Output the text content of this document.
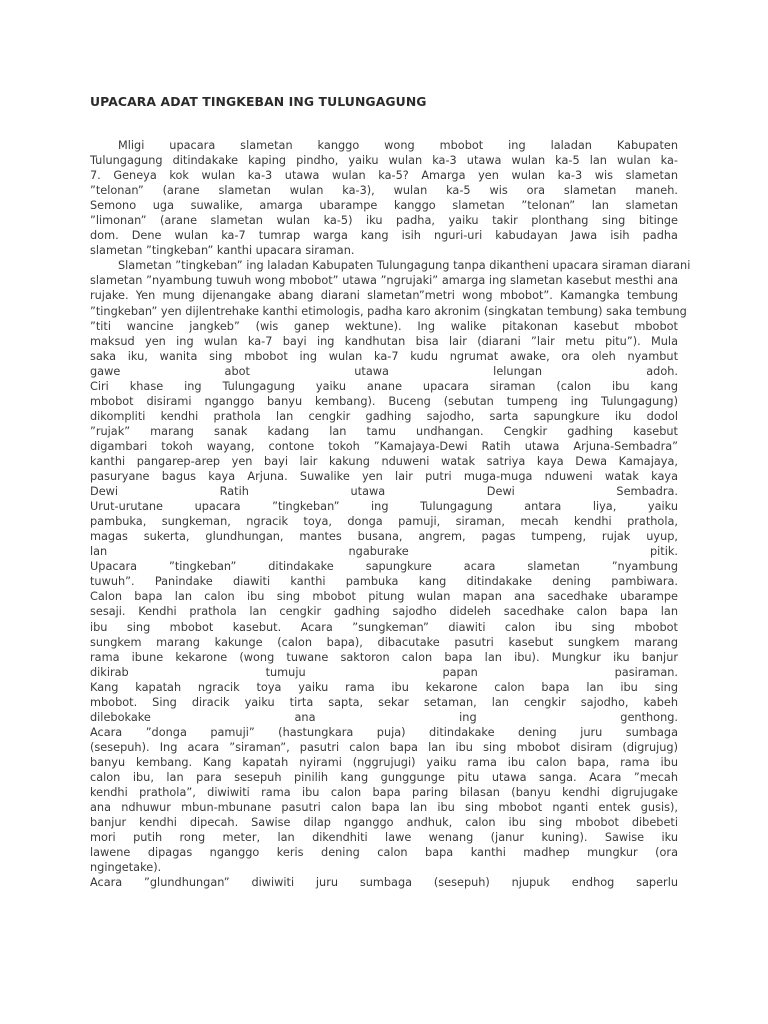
UPACARA ADAT TINGKEBAN ING TULUNGAGUNG
Mligi upacara slametan kanggo wong mbobot ing laladan Kabupaten
Tulungagung ditindakake kaping pindho, yaiku wulan ka-3 utawa wulan ka-5 lan wulan ka-
7. Geneya kok wulan ka-3 utawa wulan ka-5? Amarga yen wulan ka-3 wis slametan
”telonan” (arane slametan wulan ka-3), wulan ka-5 wis ora slametan maneh.
Semono uga suwalike, amarga ubarampe kanggo slametan ”telonan” lan slametan
”limonan” (arane slametan wulan ka-5) iku padha, yaiku takir plonthang sing bitinge
dom. Dene wulan ka-7 tumrap warga kang isih nguri-uri kabudayan Jawa isih padha
slametan ”tingkeban” kanthi upacara siraman.
Slametan ”tingkeban” ing laladan Kabupaten Tulungagung tanpa dikantheni upacara siraman diarani
slametan ”nyambung tuwuh wong mbobot” utawa ”ngrujaki” amarga ing slametan kasebut mesthi ana
rujake. Yen mung dijenangake abang diarani slametan”metri wong mbobot”. Kamangka tembung
”tingkeban” yen dijlentrehake kanthi etimologis, padha karo akronim (singkatan tembung) saka tembung
”titi wancine jangkeb” (wis ganep wektune). Ing walike pitakonan kasebut mbobot
maksud yen ing wulan ka-7 bayi ing kandhutan bisa lair (diarani ”lair metu pitu”). Mula
saka iku, wanita sing mbobot ing wulan ka-7 kudu ngrumat awake, ora oleh nyambut
gawe abot utawa lelungan adoh.
Ciri khase ing Tulungagung yaiku anane upacara siraman (calon ibu kang
mbobot disirami nganggo banyu kembang). Buceng (sebutan tumpeng ing Tulungagung)
dikompliti kendhi prathola lan cengkir gadhing sajodho, sarta sapungkure iku dodol
”rujak” marang sanak kadang lan tamu undhangan. Cengkir gadhing kasebut
digambari tokoh wayang, contone tokoh ”Kamajaya-Dewi Ratih utawa Arjuna-Sembadra”
kanthi pangarep-arep yen bayi lair kakung nduweni watak satriya kaya Dewa Kamajaya,
pasuryane bagus kaya Arjuna. Suwalike yen lair putri muga-muga nduweni watak kaya
Dewi Ratih utawa Dewi Sembadra.
Urut-urutane upacara ”tingkeban” ing Tulungagung antara liya, yaiku
pambuka, sungkeman, ngracik toya, donga pamuji, siraman, mecah kendhi prathola,
magas sukerta, glundhungan, mantes busana, angrem, pagas tumpeng, rujak uyup,
lan ngaburake pitik.
Upacara ”tingkeban” ditindakake sapungkure acara slametan ”nyambung
tuwuh”. Panindake diawiti kanthi pambuka kang ditindakake dening pambiwara.
Calon bapa lan calon ibu sing mbobot pitung wulan mapan ana sacedhake ubarampe
sesaji. Kendhi prathola lan cengkir gadhing sajodho dideleh sacedhake calon bapa lan
ibu sing mbobot kasebut. Acara ”sungkeman” diawiti calon ibu sing mbobot
sungkem marang kakunge (calon bapa), dibacutake pasutri kasebut sungkem marang
rama ibune kekarone (wong tuwane saktoron calon bapa lan ibu). Mungkur iku banjur
dikirab tumuju papan pasiraman.
Kang kapatah ngracik toya yaiku rama ibu kekarone calon bapa lan ibu sing
mbobot. Sing diracik yaiku tirta sapta, sekar setaman, lan cengkir sajodho, kabeh
dilebokake ana ing genthong.
Acara ”donga pamuji” (hastungkara puja) ditindakake dening juru sumbaga
(sesepuh). Ing acara ”siraman”, pasutri calon bapa lan ibu sing mbobot disiram (digrujug)
banyu kembang. Kang kapatah nyirami (nggrujugi) yaiku rama ibu calon bapa, rama ibu
calon ibu, lan para sesepuh pinilih kang gunggunge pitu utawa sanga. Acara ”mecah
kendhi prathola”, diwiwiti rama ibu calon bapa paring bilasan (banyu kendhi digrujugake
ana ndhuwur mbun-mbunane pasutri calon bapa lan ibu sing mbobot nganti entek gusis),
banjur kendhi dipecah. Sawise dilap nganggo andhuk, calon ibu sing mbobot dibebeti
mori putih rong meter, lan dikendhiti lawe wenang (janur kuning). Sawise iku
lawene dipagas nganggo keris dening calon bapa kanthi madhep mungkur (ora
ngingetake).
Acara ”glundhungan” diwiwiti juru sumbaga (sesepuh) njupuk endhog saperlu
